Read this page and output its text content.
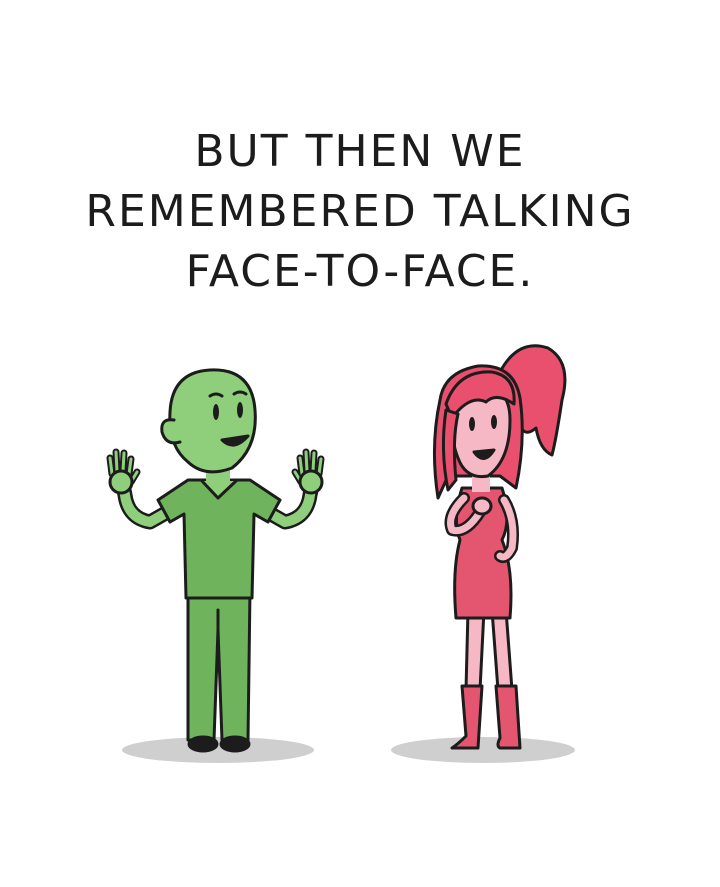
BUT THEN WE
REMEMBERED TALKING
FACE-TO-FACE.
